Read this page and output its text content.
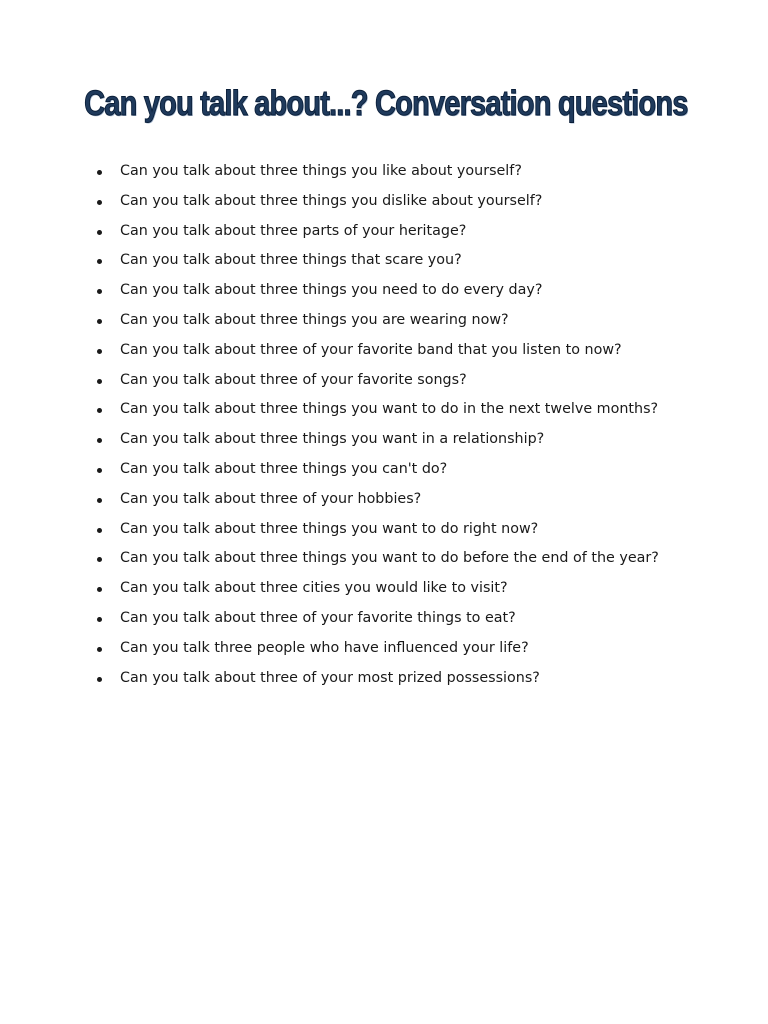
Can you talk about...? Conversation questions
Can you talk about three things you like about yourself?
Can you talk about three things you dislike about yourself?
Can you talk about three parts of your heritage?
Can you talk about three things that scare you?
Can you talk about three things you need to do every day?
Can you talk about three things you are wearing now?
Can you talk about three of your favorite band that you listen to now?
Can you talk about three of your favorite songs?
Can you talk about three things you want to do in the next twelve months?
Can you talk about three things you want in a relationship?
Can you talk about three things you can't do?
Can you talk about three of your hobbies?
Can you talk about three things you want to do right now?
Can you talk about three things you want to do before the end of the year?
Can you talk about three cities you would like to visit?
Can you talk about three of your favorite things to eat?
Can you talk three people who have influenced your life?
Can you talk about three of your most prized possessions?
